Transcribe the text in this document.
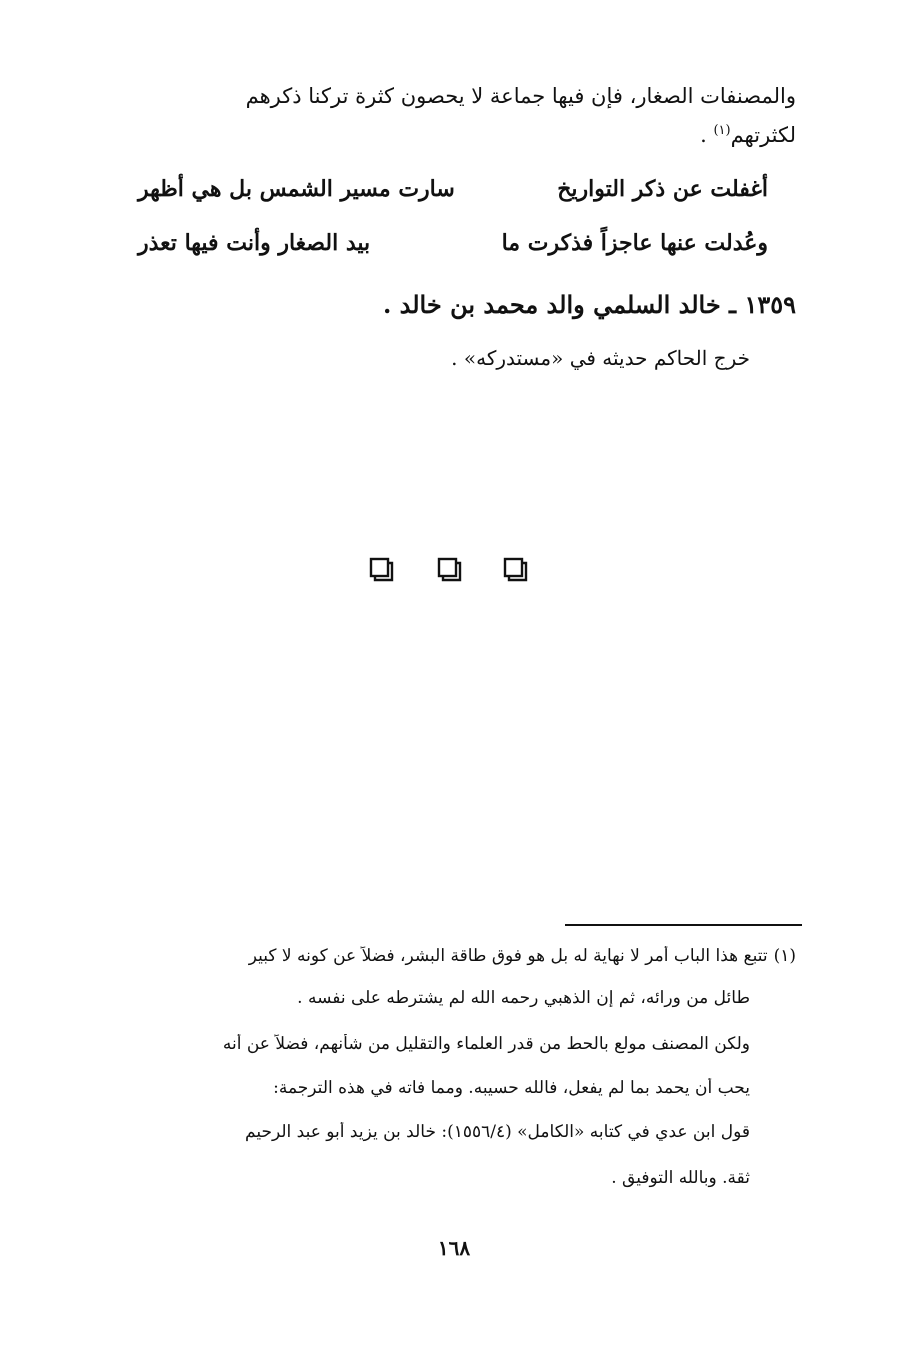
والمصنفات الصغار، فإن فيها جماعة لا يحصون كثرة تركنا ذكرهم
لكثرتهم$^{(١)}$ .
أغفلت عن ذكر التواريخ
سارت مسير الشمس بل هي أظهر
وعُدلت عنها عاجزاً فذكرت ما
بيد الصغار وأنت فيها تعذر
١٣٥٩ ـ خالد السلمي والد محمد بن خالد .
خرج الحاكم حديثه في «مستدركه» .
(١)تتبع هذا الباب أمر لا نهاية له بل هو فوق طاقة البشر، فضلاً عن كونه لا كبير
طائل من ورائه، ثم إن الذهبي رحمه الله لم يشترطه على نفسه .
ولكن المصنف مولع بالحط من قدر العلماء والتقليل من شأنهم، فضلاً عن أنه
يحب أن يحمد بما لم يفعل، فالله حسيبه. ومما فاته في هذه الترجمة:
قول ابن عدي في كتابه «الكامل» (١٥٥٦/٤): خالد بن يزيد أبو عبد الرحيم
ثقة. وبالله التوفيق .
١٦٨
